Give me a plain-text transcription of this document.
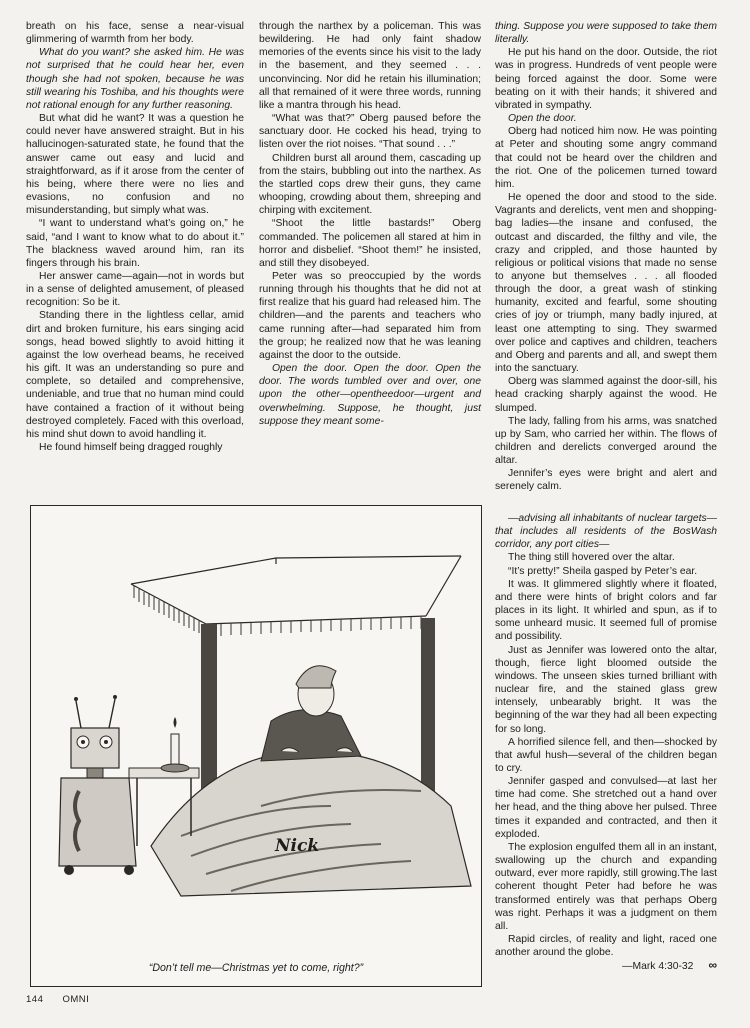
breath on his face, sense a near-visual glimmering of warmth from her body.

What do you want? she asked him. He was not surprised that he could hear her, even though she had not spoken, because he was still wearing his Toshiba, and his thoughts were not rational enough for any further reasoning.

But what did he want? It was a question he could never have answered straight. But in his hallucinogen-saturated state, he found that the answer came out easy and lucid and straightforward, as if it arose from the center of his being, where there were no lies and evasions, no confusion and no misunderstanding, but simply what was.

“I want to understand what’s going on,” he said, “and I want to know what to do about it.” The blackness waved around him, ran its fingers through his brain.

Her answer came—again—not in words but in a sense of delighted amusement, of pleased recognition: So be it.

Standing there in the lightless cellar, amid dirt and broken furniture, his ears singing acid songs, head bowed slightly to avoid hitting it against the low overhead beams, he received his gift. It was an understanding so pure and complete, so detailed and comprehensive, undeniable, and true that no human mind could have contained a fraction of it without being destroyed completely. Faced with this overload, his mind shut down to avoid handling it.

He found himself being dragged roughly

through the narthex by a policeman. This was bewildering. He had only faint shadow memories of the events since his visit to the lady in the basement, and they seemed . . . unconvincing. Nor did he retain his illumination; all that remained of it were three words, running like a mantra through his head.

“What was that?” Oberg paused before the sanctuary door. He cocked his head, trying to listen over the riot noises. “That sound . . .”

Children burst all around them, cascading up from the stairs, bubbling out into the narthex. As the startled cops drew their guns, they came whooping, crowding about them, shreeping and chirping with excitement.

“Shoot the little bastards!” Oberg commanded. The policemen all stared at him in horror and disbelief. “Shoot them!” he insisted, and still they disobeyed.

Peter was so preoccupied by the words running through his thoughts that he did not at first realize that his guard had released him. The children—and the parents and teachers who came running after—had separated him from the group; he realized now that he was leaning against the door to the outside.

Open the door. Open the door. Open the door. The words tumbled over and over, one upon the other—opentheedoor—urgent and overwhelming. Suppose, he thought, just suppose they meant some-

thing. Suppose you were supposed to take them literally.

He put his hand on the door. Outside, the riot was in progress. Hundreds of vent people were being forced against the door. Some were beating on it with their hands; it shivered and vibrated in sympathy.

Open the door.

Oberg had noticed him now. He was pointing at Peter and shouting some angry command that could not be heard over the children and the riot. One of the policemen turned toward him.

He opened the door and stood to the side. Vagrants and derelicts, vent men and shopping-bag ladies—the insane and confused, the outcast and discarded, the filthy and vile, the crazy and crippled, and those haunted by religious or political visions that made no sense to anyone but themselves . . . all flooded through the door, a great wash of stinking humanity, excited and fearful, some shouting cries of joy or triumph, many badly injured, at least one attempting to sing. They swarmed over police and captives and children, teachers and Oberg and parents and all, and swept them into the sanctuary.

Oberg was slammed against the door-sill, his head cracking sharply against the wood. He slumped.

The lady, falling from his arms, was snatched up by Sam, who carried her within. The flows of children and derelicts converged around the altar.

Jennifer’s eyes were bright and alert and serenely calm.

—advising all inhabitants of nuclear targets—that includes all residents of the BosWash corridor, any port cities—

The thing still hovered over the altar.

“It’s pretty!” Sheila gasped by Peter’s ear.

It was. It glimmered slightly where it floated, and there were hints of bright colors and far places in its light. It whirled and spun, as if to some unheard music. It seemed full of promise and possibility.

Just as Jennifer was lowered onto the altar, though, fierce light bloomed outside the windows. The unseen skies turned brilliant with nuclear fire, and the stained glass grew intensely, unbearably bright. It was the beginning of the war they had all been expecting for so long.

A horrified silence fell, and then—shocked by that awful hush—several of the children began to cry.

Jennifer gasped and convulsed—at last her time had come. She stretched out a hand over her head, and the thing above her pulsed. Three times it expanded and contracted, and then it exploded.

The explosion engulfed them all in an instant, swallowing up the church and expanding outward, ever more rapidly, still growing.The last coherent thought Peter had before he was transformed entirely was that perhaps Oberg was right. Perhaps it was a judgment on them all.

Rapid circles, of reality and light, raced one another around the globe.

—Mark 4:30-32 ∞

Nick
“Don’t tell me—Christmas yet to come, right?”
144 OMNI
